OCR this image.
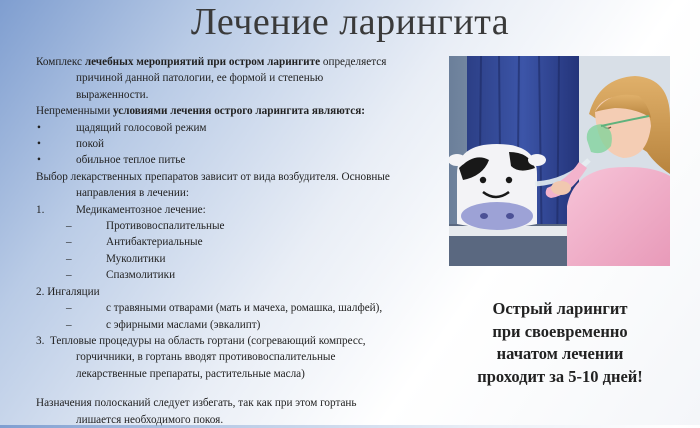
Лечение ларингита

Комплекс лечебных мероприятий при остром ларингите определяется

причиной данной патологии, ее формой и степенью

выраженности.

Непременными условиями лечения острого ларингита являются:

•	щадящий голосовой режим

•	покой

•	обильное теплое питье

Выбор лекарственных препаратов зависит от вида возбудителя. Основные

направления в лечении:

1.	Медикаментозное лечение:

–	Противовоспалительные

–	Антибактериальные

–	Муколитики

–	Спазмолитики

2. Ингаляции

–	с травяными отварами (мать и мачеха, ромашка, шалфей),

–	с эфирными маслами (эвкалипт)

3. Тепловые процедуры на область гортани (согревающий компресс,

горчичники, в гортань вводят противовоспалительные

лекарственные препараты, растительные масла)

Назначения полосканий следует избегать, так как при этом гортань

лишается необходимого покоя.

Острый ларингит
при своевременно
начатом лечении
проходит за 5-10 дней!
